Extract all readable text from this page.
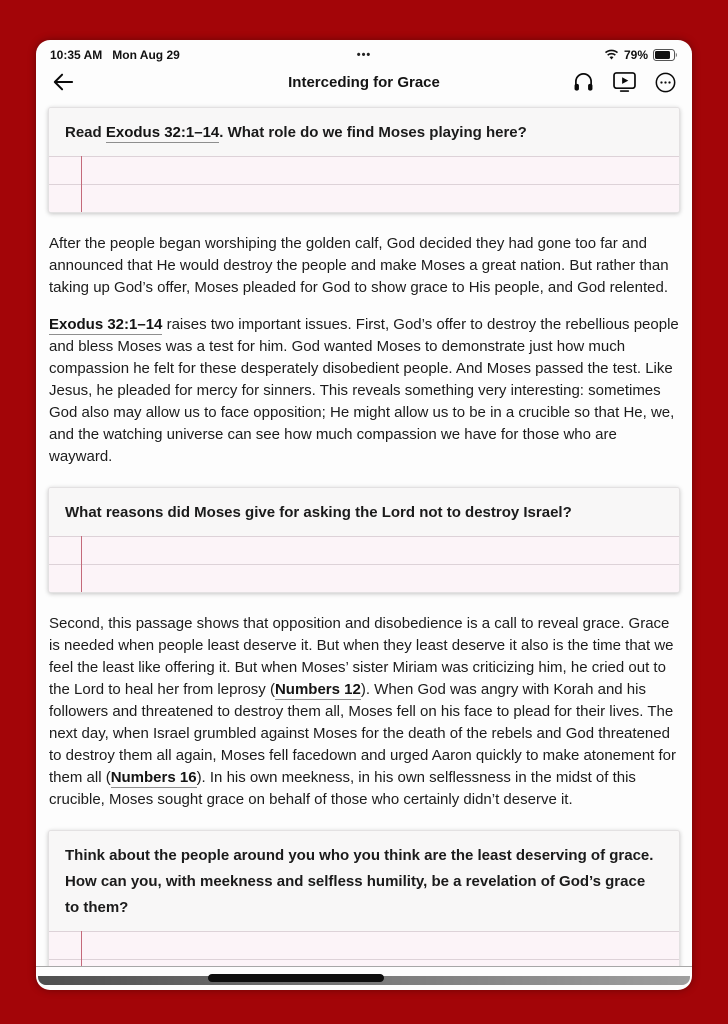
10:35 AM Mon Aug 29	•••	79%
Interceding for Grace
Read Exodus 32:1–14. What role do we find Moses playing here?

After the people began worshiping the golden calf, God decided they had gone too far and announced that He would destroy the people and make Moses a great nation. But rather than taking up God’s offer, Moses pleaded for God to show grace to His people, and God relented.

Exodus 32:1–14 raises two important issues. First, God’s offer to destroy the rebellious people and bless Moses was a test for him. God wanted Moses to demonstrate just how much compassion he felt for these desperately disobedient people. And Moses passed the test. Like Jesus, he pleaded for mercy for sinners. This reveals something very interesting: sometimes God also may allow us to face opposition; He might allow us to be in a crucible so that He, we, and the watching universe can see how much compassion we have for those who are wayward.

What reasons did Moses give for asking the Lord not to destroy Israel?

Second, this passage shows that opposition and disobedience is a call to reveal grace. Grace is needed when people least deserve it. But when they least deserve it also is the time that we feel the least like offering it. But when Moses’ sister Miriam was criticizing him, he cried out to the Lord to heal her from leprosy (Numbers 12). When God was angry with Korah and his followers and threatened to destroy them all, Moses fell on his face to plead for their lives. The next day, when Israel grumbled against Moses for the death of the rebels and God threatened to destroy them all again, Moses fell facedown and urged Aaron quickly to make atonement for them all (Numbers 16). In his own meekness, in his own selflessness in the midst of this crucible, Moses sought grace on behalf of those who certainly didn’t deserve it.

Think about the people around you who you think are the least deserving of grace. How can you, with meekness and selfless humility, be a revelation of God’s grace to them?
